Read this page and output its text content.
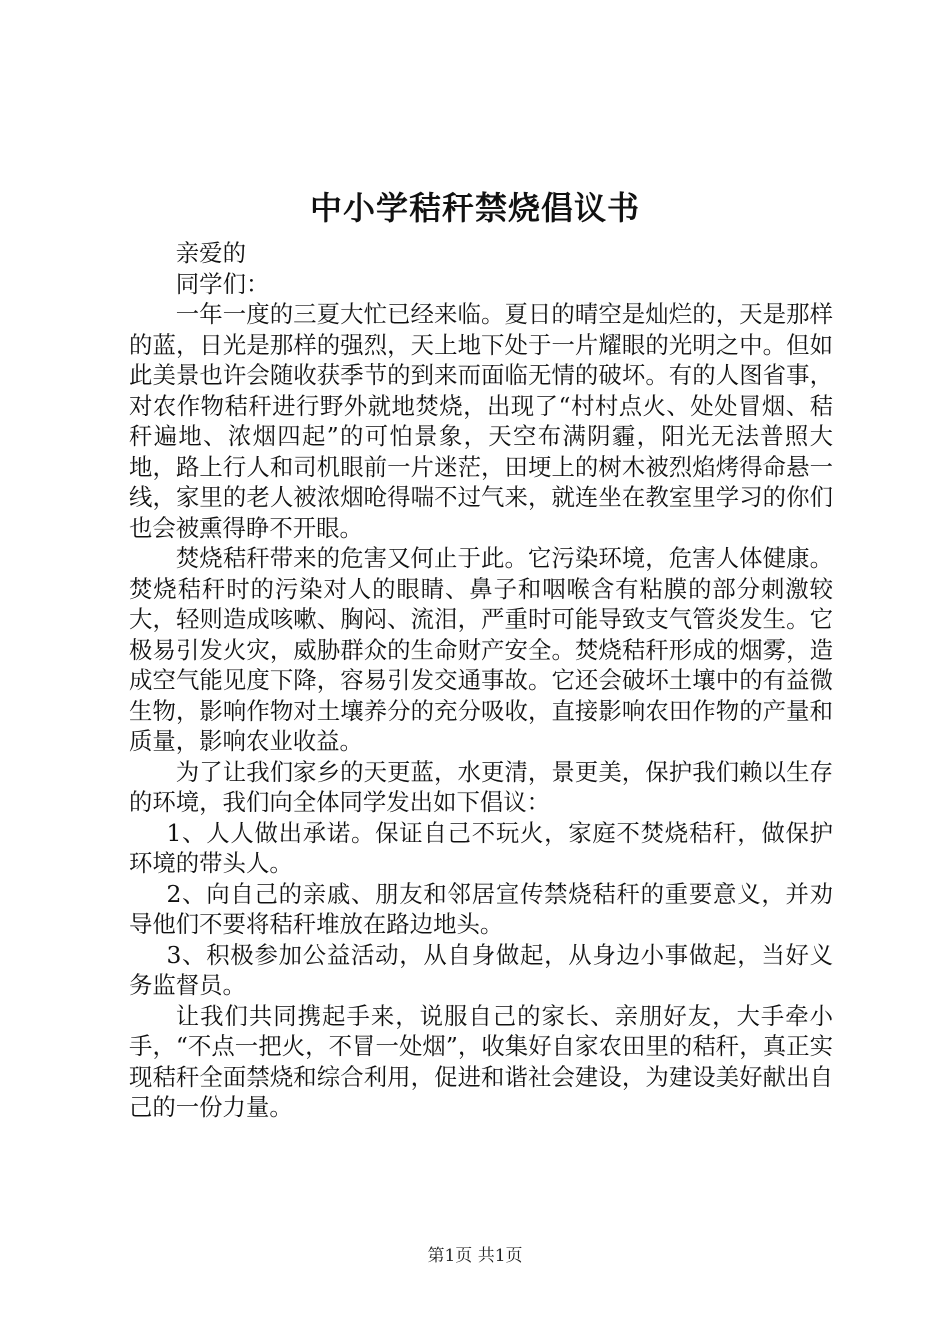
中小学秸秆禁烧倡议书

亲爱的

同学们：

一年一度的三夏大忙已经来临。夏日的晴空是灿烂的，天是那样的蓝，日光是那样的强烈，天上地下处于一片耀眼的光明之中。但如此美景也许会随收获季节的到来而面临无情的破坏。有的人图省事，对农作物秸秆进行野外就地焚烧，出现了“村村点火、处处冒烟、秸秆遍地、浓烟四起”的可怕景象，天空布满阴霾，阳光无法普照大地，路上行人和司机眼前一片迷茫，田埂上的树木被烈焰烤得命悬一线，家里的老人被浓烟呛得喘不过气来，就连坐在教室里学习的你们也会被熏得睁不开眼。

焚烧秸秆带来的危害又何止于此。它污染环境，危害人体健康。焚烧秸秆时的污染对人的眼睛、鼻子和咽喉含有粘膜的部分刺激较大，轻则造成咳嗽、胸闷、流泪，严重时可能导致支气管炎发生。它极易引发火灾，威胁群众的生命财产安全。焚烧秸秆形成的烟雾，造成空气能见度下降，容易引发交通事故。它还会破坏土壤中的有益微生物，影响作物对土壤养分的充分吸收，直接影响农田作物的产量和质量，影响农业收益。

为了让我们家乡的天更蓝，水更清，景更美，保护我们赖以生存的环境，我们向全体同学发出如下倡议：

1、人人做出承诺。保证自己不玩火，家庭不焚烧秸秆，做保护环境的带头人。

2、向自己的亲戚、朋友和邻居宣传禁烧秸秆的重要意义，并劝导他们不要将秸秆堆放在路边地头。

3、积极参加公益活动，从自身做起，从身边小事做起，当好义务监督员。

让我们共同携起手来，说服自己的家长、亲朋好友，大手牵小手，“不点一把火，不冒一处烟”，收集好自家农田里的秸秆，真正实现秸秆全面禁烧和综合利用，促进和谐社会建设，为建设美好献出自己的一份力量。

第1页 共1页
